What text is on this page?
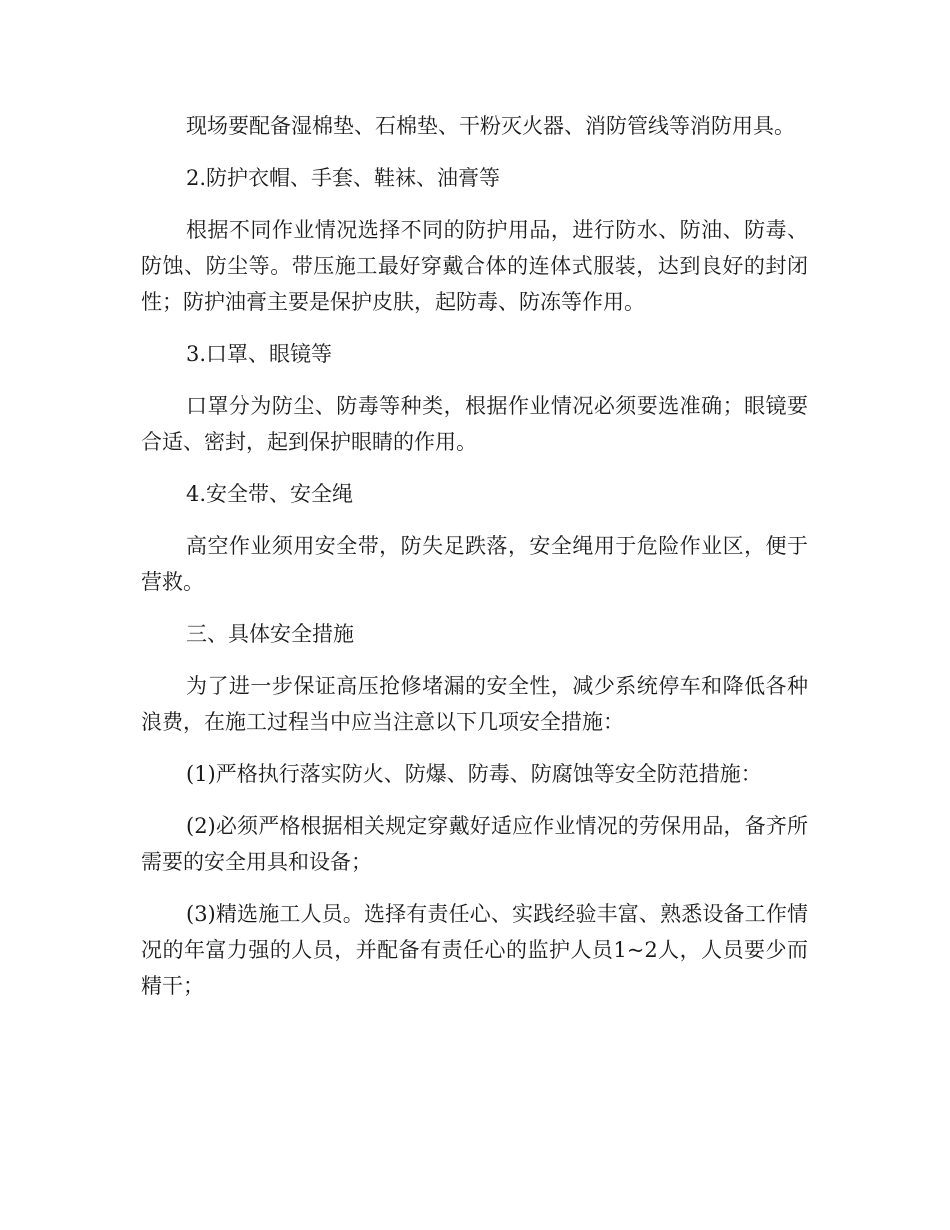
现场要配备湿棉垫、石棉垫、干粉灭火器、消防管线等消防用具。

2.防护衣帽、手套、鞋袜、油膏等

根据不同作业情况选择不同的防护用品，进行防水、防油、防毒、防蚀、防尘等。带压施工最好穿戴合体的连体式服装，达到良好的封闭性；防护油膏主要是保护皮肤，起防毒、防冻等作用。

3.口罩、眼镜等

口罩分为防尘、防毒等种类，根据作业情况必须要选准确；眼镜要合适、密封，起到保护眼睛的作用。

4.安全带、安全绳

高空作业须用安全带，防失足跌落，安全绳用于危险作业区，便于营救。

三、具体安全措施

为了进一步保证高压抢修堵漏的安全性，减少系统停车和降低各种浪费，在施工过程当中应当注意以下几项安全措施：

(1)严格执行落实防火、防爆、防毒、防腐蚀等安全防范措施：

(2)必须严格根据相关规定穿戴好适应作业情况的劳保用品，备齐所需要的安全用具和设备；

(3)精选施工人员。选择有责任心、实践经验丰富、熟悉设备工作情况的年富力强的人员，并配备有责任心的监护人员1~2人，人员要少而精干；
